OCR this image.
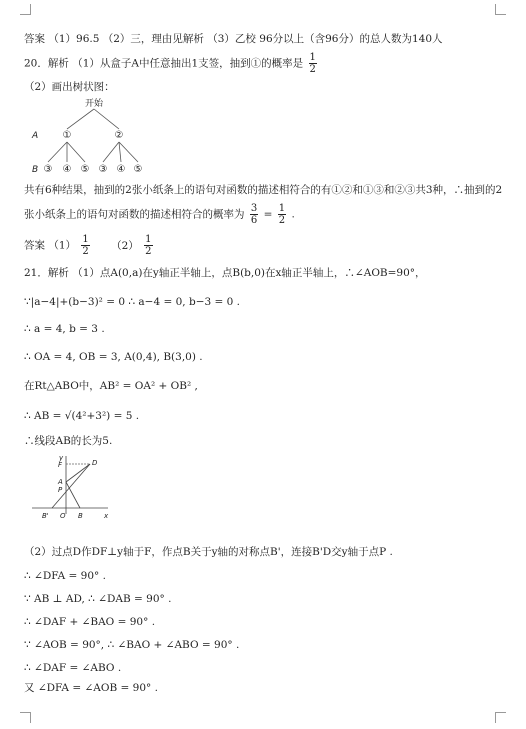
答案 （1）96.5 （2）三，理由见解析 （3）乙校 96分以上（含96分）的总人数为140人
20．解析 （1）从盒子A中任意抽出1支签，抽到①的概率是 $\frac{1}{2}$
（2）画出树状图：
开始
A ①	②
B ③ ④ ⑤ ③ ④ ⑤
共有6种结果，抽到的2张小纸条上的语句对函数的描述相符合的有①②和①③和②③共3种，∴抽到的2
张小纸条上的语句对函数的描述相符合的概率为 $\frac{3}{6} = \frac{1}{2}$ .
答案 $(1) \frac{1}{2} (2) \frac{1}{2}$
21．解析 （1）点A(0,a)在y轴正半轴上，点B(b,0)在x轴正半轴上，∴∠AOB=90°，
∵|a−4|+(b−3)² = 0 ∴ a−4 = 0, b−3 = 0 .
∴ a = 4, b = 3 .
∴ OA = 4, OB = 3, A(0,4), B(3,0) .
在Rt△ABO中，AB² = OA² + OB² ,
∴ AB = √(4²+3²) = 5 .
∴线段AB的长为5.
y
F	D
A
P
B' O B	x
（2）过点D作DF⊥y轴于F，作点B关于y轴的对称点B'，连接B'D交y轴于点P .
∴ ∠DFA = 90° .
∵ AB ⊥ AD, ∴ ∠DAB = 90° .
∴ ∠DAF + ∠BAO = 90° .
∵ ∠AOB = 90°, ∴ ∠BAO + ∠ABO = 90° .
∴ ∠DAF = ∠ABO .
又 ∠DFA = ∠AOB = 90° .
